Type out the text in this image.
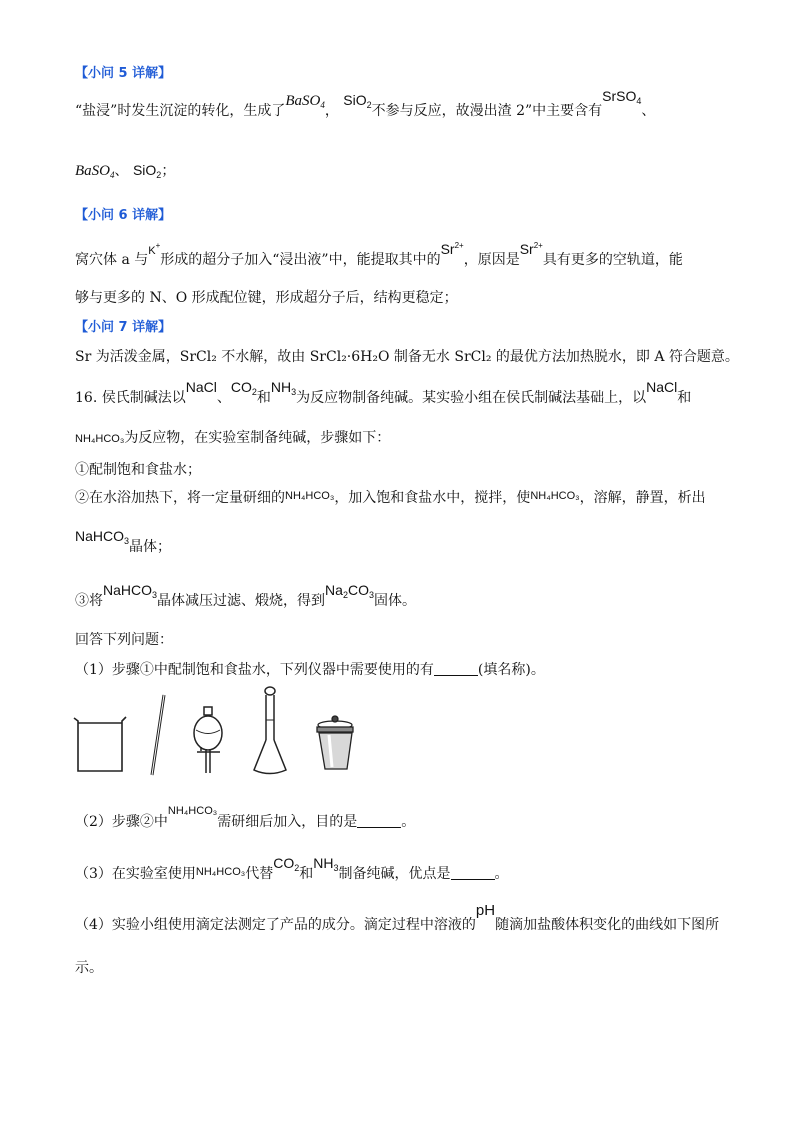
【小问 5 详解】
“盐浸”时发生沉淀的转化，生成了BaSO$_4$， SiO$_2$不参与反应，故漫出渣 2”中主要含有SrSO$_4$、
BaSO$_4$、 SiO$_2$；
【小问 6 详解】
窝穴体 a 与$^{K^+}$形成的超分子加入“浸出液”中，能提取其中的$Sr^{2+}$，原因是$Sr^{2+}$具有更多的空轨道，能
够与更多的 N、O 形成配位键，形成超分子后，结构更稳定；
【小问 7 详解】
Sr 为活泼金属，SrCl₂ 不水解，故由 SrCl₂·6H₂O 制备无水 SrCl₂ 的最优方法加热脱水，即 A 符合题意。
16. 侯氏制碱法以NaCl、$CO_2$和$NH_3$为反应物制备纯碱。某实验小组在侯氏制碱法基础上，以NaCl和
NH₄HCO₃为反应物，在实验室制备纯碱，步骤如下：
①配制饱和食盐水；
②在水浴加热下，将一定量研细的$^{NH_4HCO_3}$，加入饱和食盐水中，搅拌，使$^{NH_4HCO_3}$，溶解，静置，析出
NaHCO$_3$晶体；
③将NaHCO$_3$晶体减压过滤、煅烧，得到$Na_2CO_3$固体。
回答下列问题：
（1）步骤①中配制饱和食盐水，下列仪器中需要使用的有	(填名称)。
（2）步骤②中$^{NH_4HCO_3}$需研细后加入，目的是	。
（3）在实验室使用$^{NH_4HCO_3}$代替$CO_2$和$NH_3$制备纯碱，优点是	。
（4）实验小组使用滴定法测定了产品的成分。滴定过程中溶液的pH随滴加盐酸体积变化的曲线如下图所
示。
